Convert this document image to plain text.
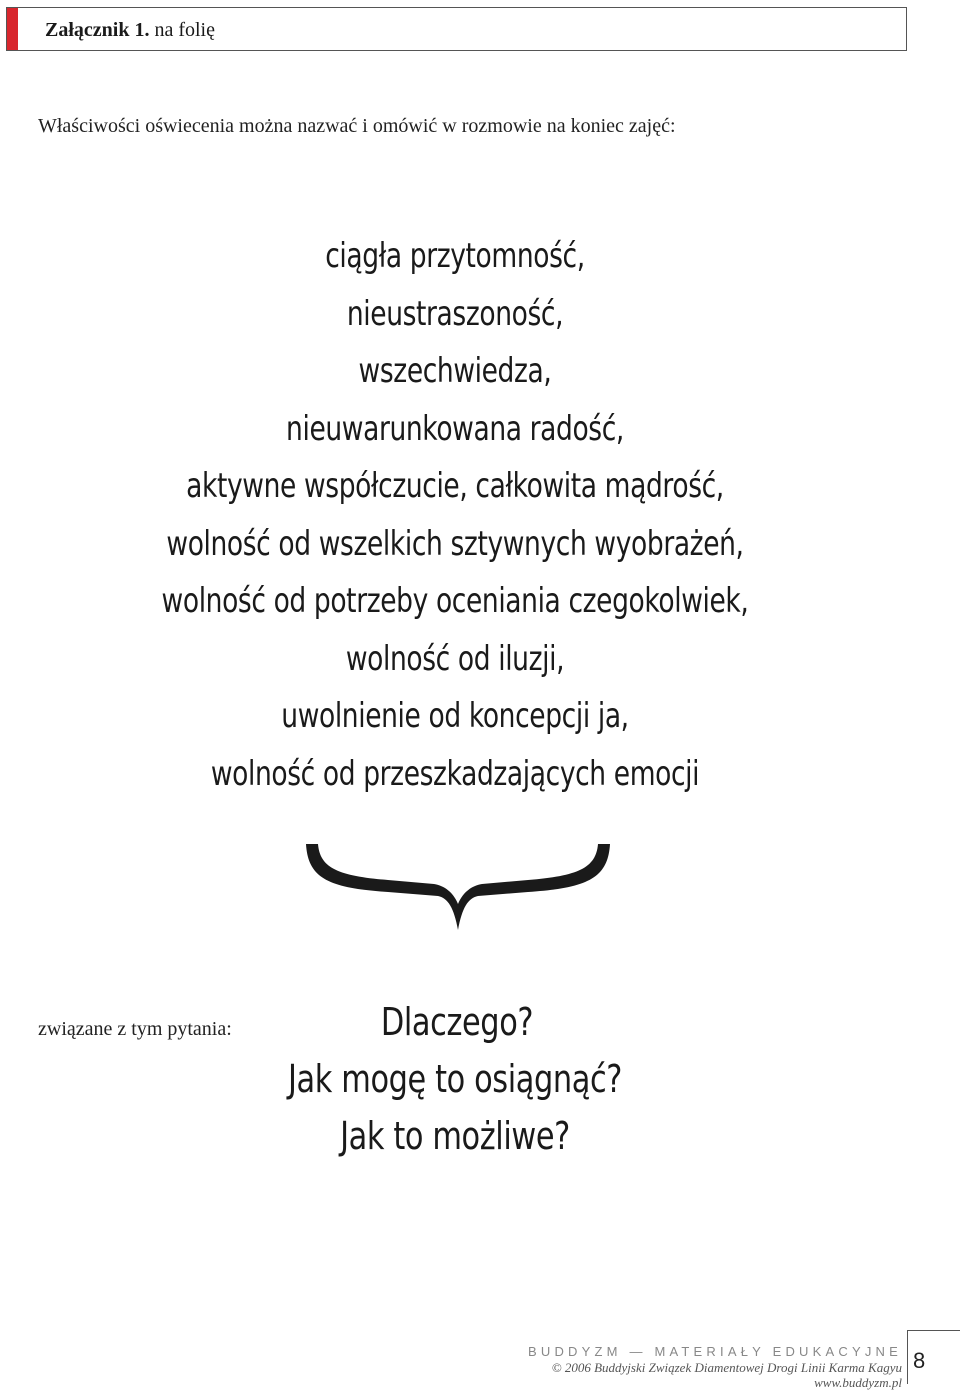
Załącznik 1. na folię
Właściwości oświecenia można nazwać i omówić w rozmowie na koniec zajęć:
ciągła przytomność,
nieustraszoność,
wszechwiedza,
nieuwarunkowana radość,
aktywne współczucie, całkowita mądrość,
wolność od wszelkich sztywnych wyobrażeń,
wolność od potrzeby oceniania czegokolwiek,
wolność od iluzji,
uwolnienie od koncepcji ja,
wolność od przeszkadzających emocji
związane z tym pytania:	Dlaczego?
Jak mogę to osiągnąć?
Jak to możliwe?
BUDDYZM — MATERIAŁY EDUKACYJNE
© 2006 Buddyjski Związek Diamentowej Drogi Linii Karma Kagyu
www.buddyzm.pl
8
